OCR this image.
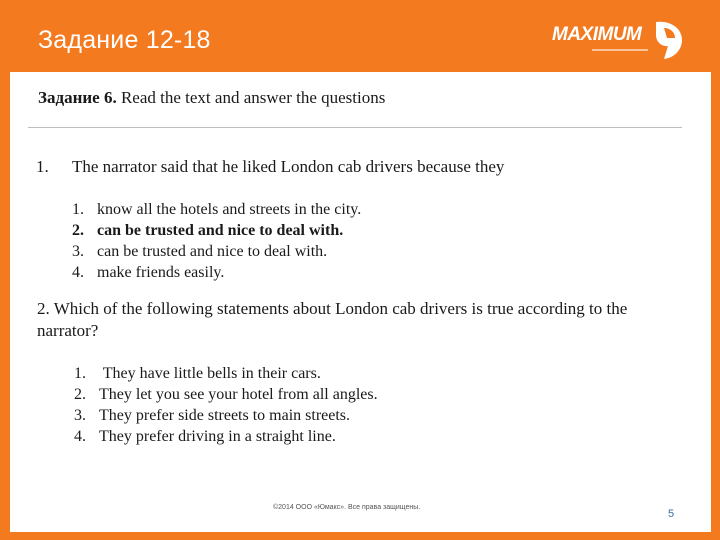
Задание 12-18	MAXIMUM
Задание 6. Read the text and answer the questions
1. The narrator said that he liked London cab drivers because they
1. know all the hotels and streets in the city.
2. can be trusted and nice to deal with.
3. can be trusted and nice to deal with.
4. make friends easily.
2. Which of the following statements about London cab drivers is true according to the narrator?
1. They have little bells in their cars.
2. They let you see your hotel from all angles.
3. They prefer side streets to main streets.
4. They prefer driving in a straight line.
©2014 ООО «Юмакс». Все права защищены.
5
